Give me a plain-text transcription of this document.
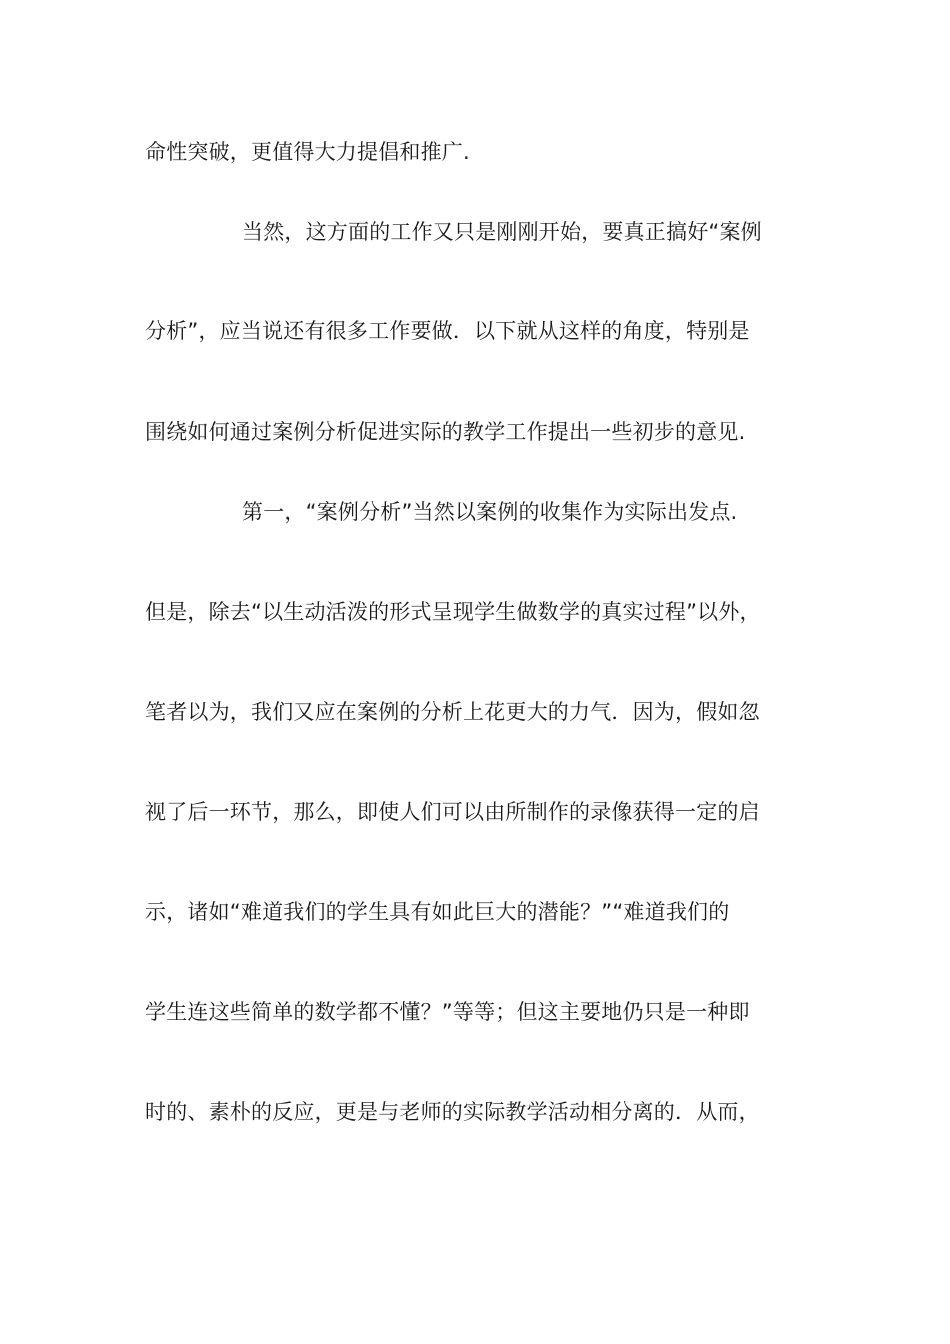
命性突破，更值得大力提倡和推广.
当然，这方面的工作又只是刚刚开始，要真正搞好“案例
分析”，应当说还有很多工作要做．以下就从这样的角度，特别是
围绕如何通过案例分析促进实际的教学工作提出一些初步的意见.
第一，“案例分析”当然以案例的收集作为实际出发点.
但是，除去“以生动活泼的形式呈现学生做数学的真实过程”以外，
笔者以为，我们又应在案例的分析上花更大的力气．因为，假如忽
视了后一环节，那么，即使人们可以由所制作的录像获得一定的启
示，诸如“难道我们的学生具有如此巨大的潜能？”“难道我们的
学生连这些简单的数学都不懂？”等等；但这主要地仍只是一种即
时的、素朴的反应，更是与老师的实际教学活动相分离的．从而，
